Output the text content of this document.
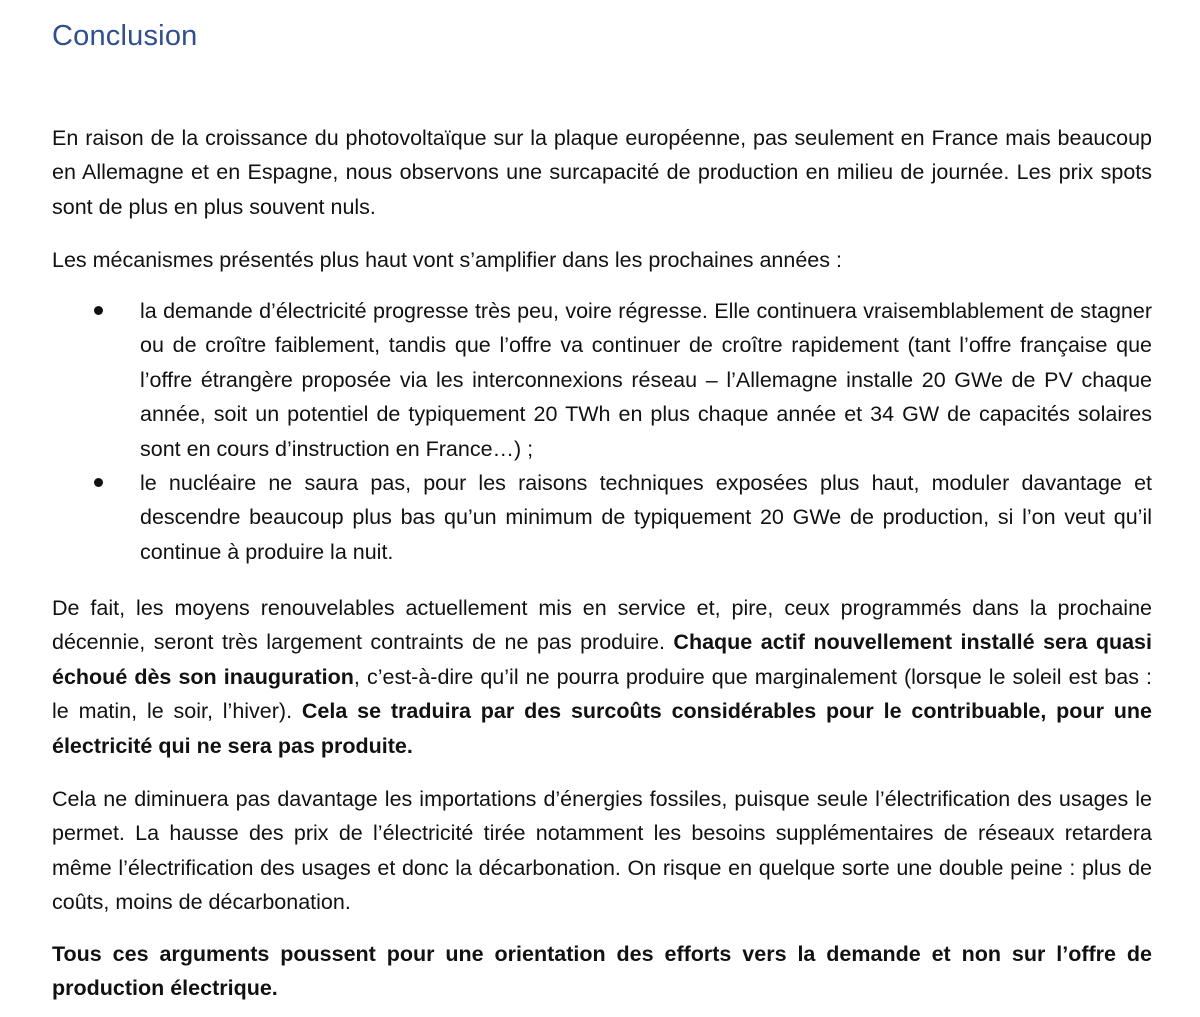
Conclusion

En raison de la croissance du photovoltaïque sur la plaque européenne, pas seulement en France mais beaucoup en Allemagne et en Espagne, nous observons une surcapacité de production en milieu de journée. Les prix spots sont de plus en plus souvent nuls.

Les mécanismes présentés plus haut vont s’amplifier dans les prochaines années :

la demande d’électricité progresse très peu, voire régresse. Elle continuera vraisemblablement de stagner ou de croître faiblement, tandis que l’offre va continuer de croître rapidement (tant l’offre française que l’offre étrangère proposée via les interconnexions réseau – l’Allemagne installe 20 GWe de PV chaque année, soit un potentiel de typiquement 20 TWh en plus chaque année et 34 GW de capacités solaires sont en cours d’instruction en France…) ;
le nucléaire ne saura pas, pour les raisons techniques exposées plus haut, moduler davantage et descendre beaucoup plus bas qu’un minimum de typiquement 20 GWe de production, si l’on veut qu’il continue à produire la nuit.

De fait, les moyens renouvelables actuellement mis en service et, pire, ceux programmés dans la prochaine décennie, seront très largement contraints de ne pas produire. Chaque actif nouvellement installé sera quasi échoué dès son inauguration, c’est-à-dire qu’il ne pourra produire que marginalement (lorsque le soleil est bas : le matin, le soir, l’hiver). Cela se traduira par des surcoûts considérables pour le contribuable, pour une électricité qui ne sera pas produite.

Cela ne diminuera pas davantage les importations d’énergies fossiles, puisque seule l’électrification des usages le permet. La hausse des prix de l’électricité tirée notamment les besoins supplémentaires de réseaux retardera même l’électrification des usages et donc la décarbonation. On risque en quelque sorte une double peine : plus de coûts, moins de décarbonation.

Tous ces arguments poussent pour une orientation des efforts vers la demande et non sur l’offre de production électrique.
